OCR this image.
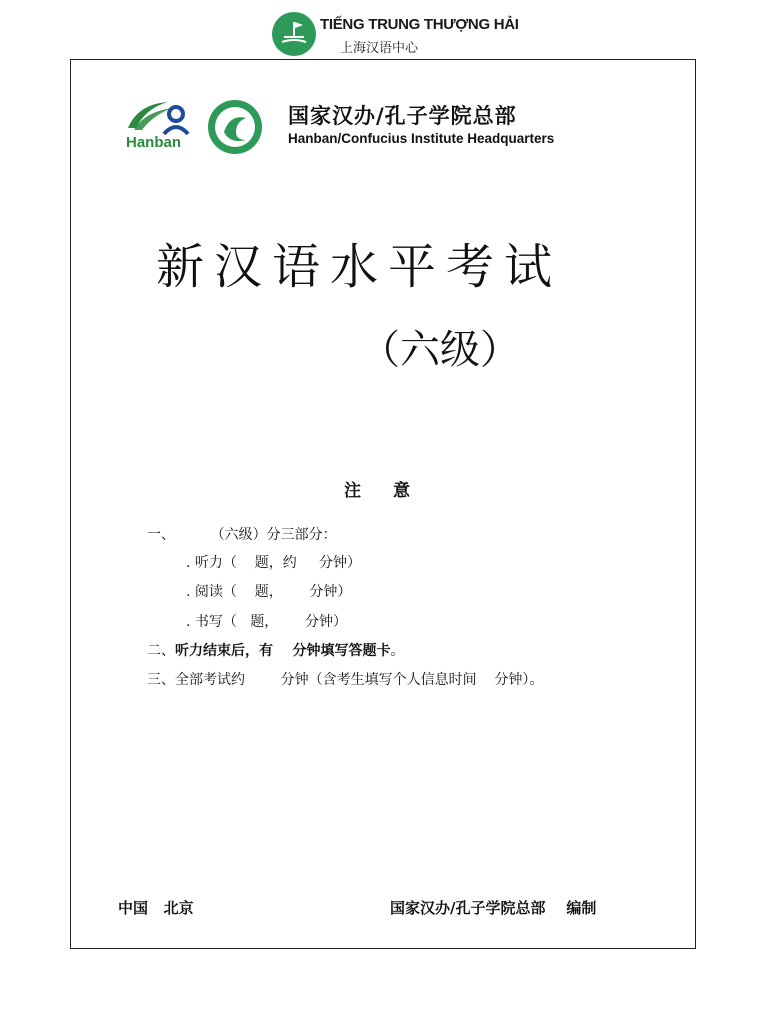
TIẾNG TRUNG THƯỢNG HẢI
上海汉语中心
Hanban
国家汉办/孔子学院总部
Hanban/Confucius Institute Headquarters
新汉语水平考试
（六级）
注意
一、        （六级）分三部分：
. 听力（    题，约     分钟）
. 阅读（    题，      分钟）
. 书写（   题，      分钟）
二、听力结束后，有    分钟填写答题卡。
三、全部考试约        分钟（含考生填写个人信息时间    分钟）。
中国   北京	国家汉办/孔子学院总部    编制
